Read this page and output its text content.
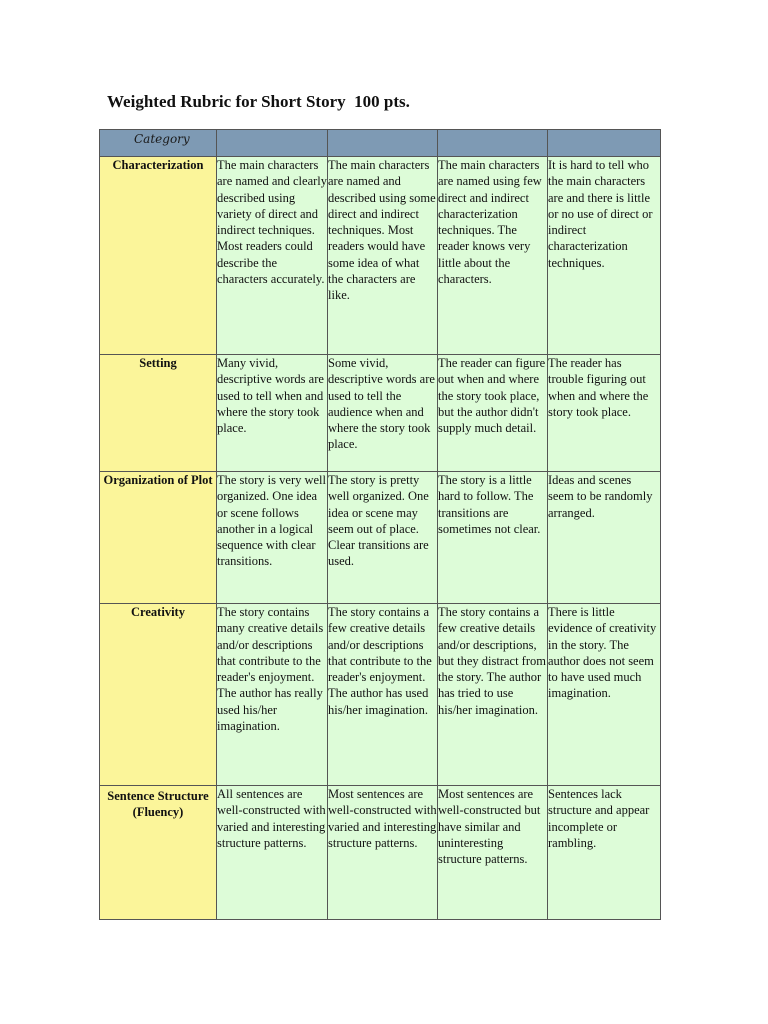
Weighted Rubric for Short Story  100 pts.
Category				
Characterization	The main characters are named and clearly described using variety of direct and indirect techniques. Most readers could describe the characters accurately.	The main characters are named and described using some direct and indirect techniques. Most readers would have some idea of what the characters are like.	The main characters are named using few direct and indirect characterization techniques. The reader knows very little about the characters.	It is hard to tell who the main characters are and there is little or no use of direct or indirect characterization techniques.
Setting	Many vivid, descriptive words are used to tell when and where the story took place.	Some vivid, descriptive words are used to tell the audience when and where the story took place.	The reader can figure out when and where the story took place, but the author didn't supply much detail.	The reader has trouble figuring out when and where the story took place.
Organization of Plot	The story is very well organized. One idea or scene follows another in a logical sequence with clear transitions.	The story is pretty well organized. One idea or scene may seem out of place. Clear transitions are used.	The story is a little hard to follow. The transitions are sometimes not clear.	Ideas and scenes seem to be randomly arranged.
Creativity	The story contains many creative details and/or descriptions that contribute to the reader's enjoyment. The author has really used his/her imagination.	The story contains a few creative details and/or descriptions that contribute to the reader's enjoyment. The author has used his/her imagination.	The story contains a few creative details and/or descriptions, but they distract from the story. The author has tried to use his/her imagination.	There is little evidence of creativity in the story. The author does not seem to have used much imagination.
Sentence Structure (Fluency)	All sentences are well-constructed with varied and interesting structure patterns.	Most sentences are well-constructed with varied and interesting structure patterns.	Most sentences are well-constructed but have similar and uninteresting structure patterns.	Sentences lack structure and appear incomplete or rambling.
